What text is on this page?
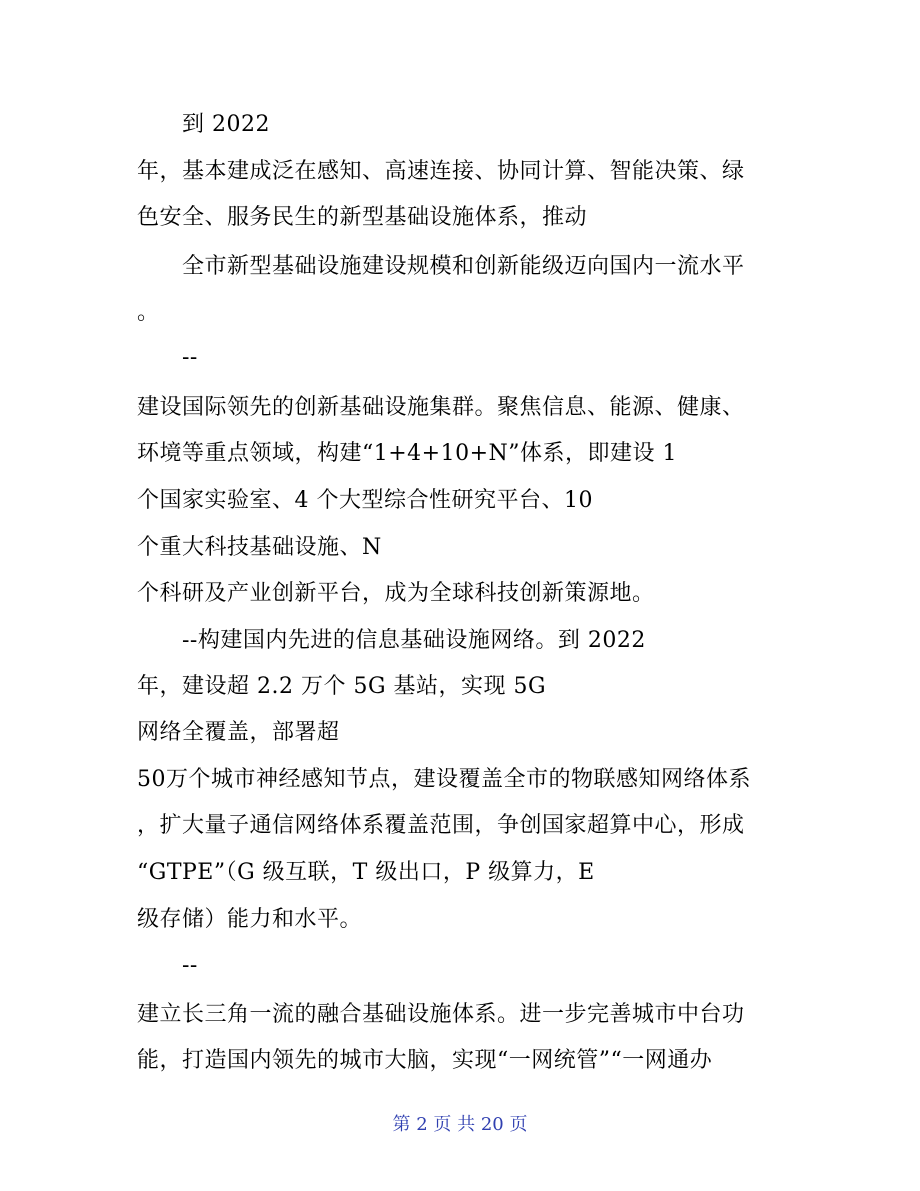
到 2022
年，基本建成泛在感知、高速连接、协同计算、智能决策、绿
色安全、服务民生的新型基础设施体系，推动
全市新型基础设施建设规模和创新能级迈向国内一流水平
。
--
建设国际领先的创新基础设施集群。聚焦信息、能源、健康、
环境等重点领域，构建“1+4+10+N”体系，即建设 1
个国家实验室、4 个大型综合性研究平台、10
个重大科技基础设施、N
个科研及产业创新平台，成为全球科技创新策源地。
--构建国内先进的信息基础设施网络。到 2022
年，建设超 2.2 万个 5G 基站，实现 5G
网络全覆盖，部署超
50万个城市神经感知节点，建设覆盖全市的物联感知网络体系
，扩大量子通信网络体系覆盖范围，争创国家超算中心，形成
“GTPE”（G 级互联，T 级出口，P 级算力，E
级存储）能力和水平。
--
建立长三角一流的融合基础设施体系。进一步完善城市中台功
能，打造国内领先的城市大脑，实现“一网统管”“一网通办
第 2 页 共 20 页
